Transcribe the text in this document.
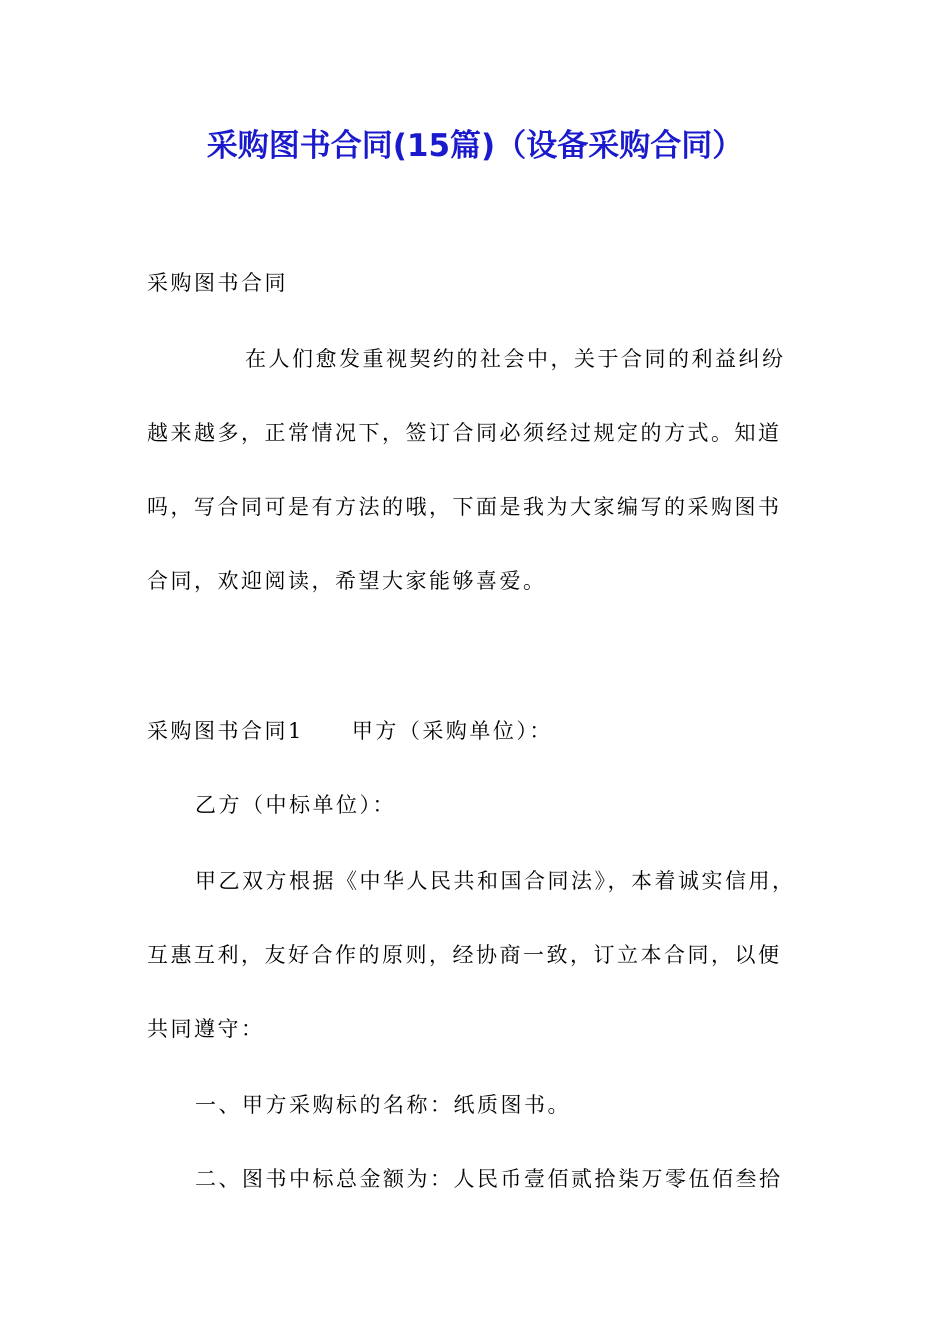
采购图书合同(15篇)（设备采购合同）
采购图书合同
在人们愈发重视契约的社会中，关于合同的利益纠纷
越来越多，正常情况下，签订合同必须经过规定的方式。知道
吗，写合同可是有方法的哦，下面是我为大家编写的采购图书
合同，欢迎阅读，希望大家能够喜爱。
采购图书合同1 甲方（采购单位）：
乙方（中标单位）：
甲乙双方根据《中华人民共和国合同法》，本着诚实信用，
互惠互利，友好合作的原则，经协商一致，订立本合同，以便
共同遵守：
一、甲方采购标的名称：纸质图书。
二、图书中标总金额为：人民币壹佰贰拾柒万零伍佰叁拾
